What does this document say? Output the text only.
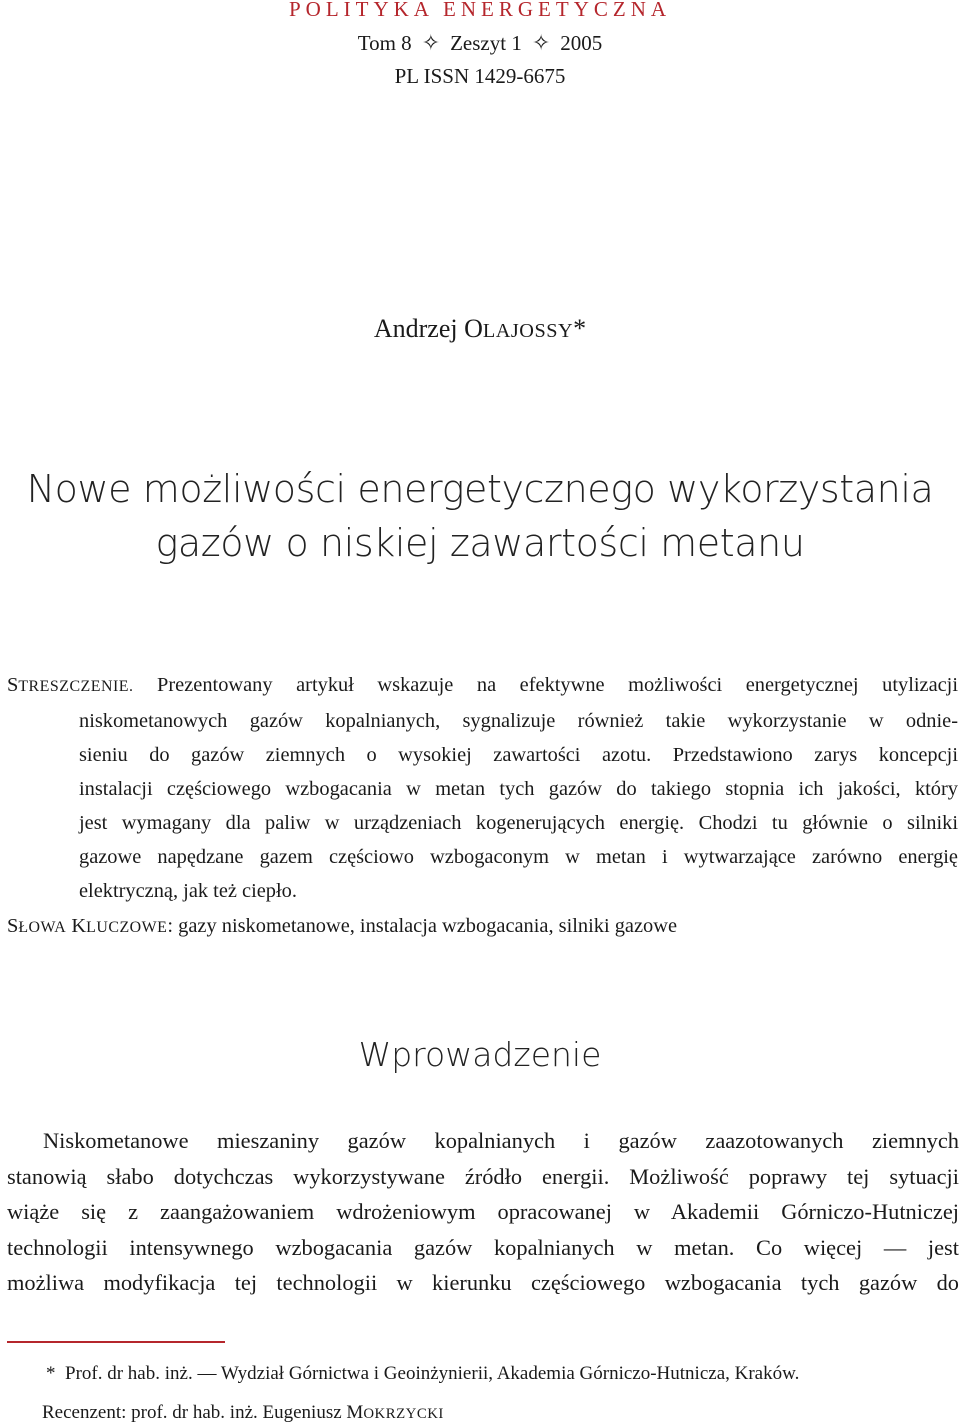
POLITYKA ENERGETYCZNA
Tom 8 ✧ Zeszyt 1 ✧ 2005
PL ISSN 1429-6675
Andrzej OLAJOSSY*
Nowe możliwości energetycznego wykorzystania
gazów o niskiej zawartości metanu
STRESZCZENIE. Prezentowany artykuł wskazuje na efektywne możliwości energetycznej utylizacji
niskometanowych gazów kopalnianych, sygnalizuje również takie wykorzystanie w odnie-
sieniu do gazów ziemnych o wysokiej zawartości azotu. Przedstawiono zarys koncepcji
instalacji częściowego wzbogacania w metan tych gazów do takiego stopnia ich jakości, który
jest wymagany dla paliw w urządzeniach kogenerujących energię. Chodzi tu głównie o silniki
gazowe napędzane gazem częściowo wzbogaconym w metan i wytwarzające zarówno energię
elektryczną, jak też ciepło.
SŁOWA KLUCZOWE: gazy niskometanowe, instalacja wzbogacania, silniki gazowe
Wprowadzenie
Niskometanowe mieszaniny gazów kopalnianych i gazów zaazotowanych ziemnych
stanowią słabo dotychczas wykorzystywane źródło energii. Możliwość poprawy tej sytuacji
wiąże się z zaangażowaniem wdrożeniowym opracowanej w Akademii Górniczo-Hutniczej
technologii intensywnego wzbogacania gazów kopalnianych w metan. Co więcej — jest
możliwa modyfikacja tej technologii w kierunku częściowego wzbogacania tych gazów do
* Prof. dr hab. inż. — Wydział Górnictwa i Geoinżynierii, Akademia Górniczo-Hutnicza, Kraków.
Recenzent: prof. dr hab. inż. Eugeniusz MOKRZYCKI
